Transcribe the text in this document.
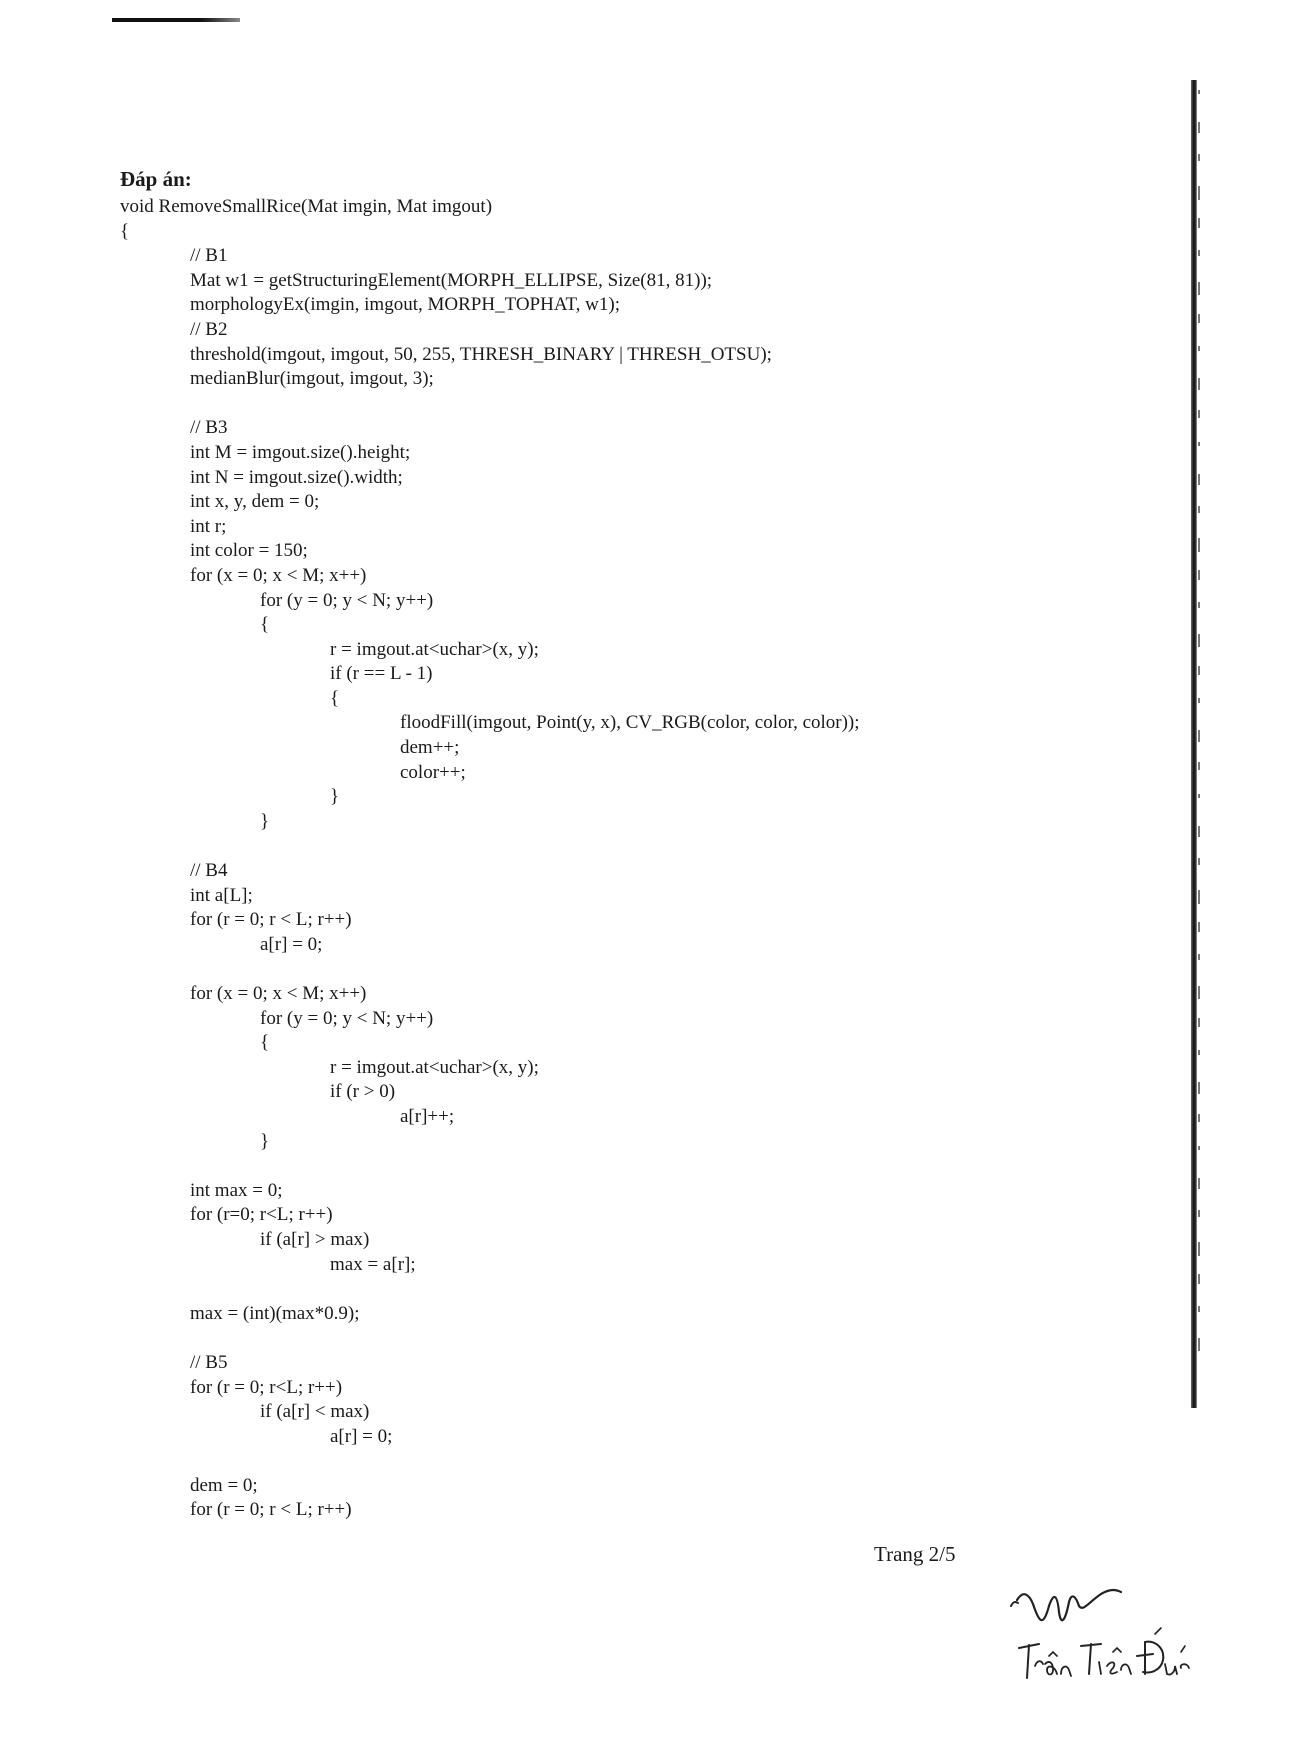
Đáp án:
void RemoveSmallRice(Mat imgin, Mat imgout)
{
// B1
Mat w1 = getStructuringElement(MORPH_ELLIPSE, Size(81, 81));
morphologyEx(imgin, imgout, MORPH_TOPHAT, w1);
// B2
threshold(imgout, imgout, 50, 255, THRESH_BINARY | THRESH_OTSU);
medianBlur(imgout, imgout, 3);
// B3
int M = imgout.size().height;
int N = imgout.size().width;
int x, y, dem = 0;
int r;
int color = 150;
for (x = 0; x < M; x++)
for (y = 0; y < N; y++)
{
r = imgout.at<uchar>(x, y);
if (r == L - 1)
{
floodFill(imgout, Point(y, x), CV_RGB(color, color, color));
dem++;
color++;
}
}
// B4
int a[L];
for (r = 0; r < L; r++)
a[r] = 0;
for (x = 0; x < M; x++)
for (y = 0; y < N; y++)
{
r = imgout.at<uchar>(x, y);
if (r > 0)
a[r]++;
}
int max = 0;
for (r=0; r<L; r++)
if (a[r] > max)
max = a[r];
max = (int)(max*0.9);
// B5
for (r = 0; r<L; r++)
if (a[r] < max)
a[r] = 0;
dem = 0;
for (r = 0; r < L; r++)
Trang 2/5
